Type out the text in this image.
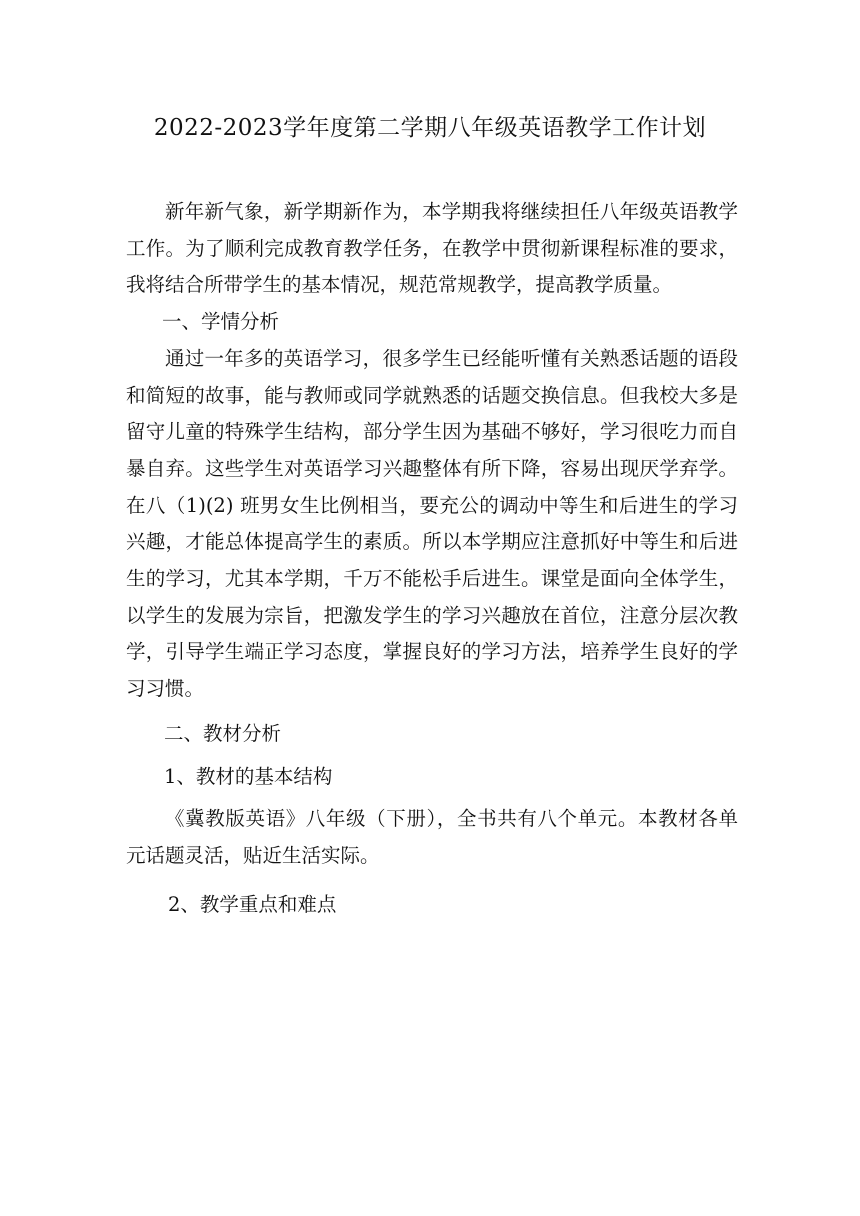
2022-2023学年度第二学期八年级英语教学工作计划

新年新气象，新学期新作为，本学期我将继续担任八年级英语教学工作。为了顺利完成教育教学任务，在教学中贯彻新课程标准的要求，我将结合所带学生的基本情况，规范常规教学，提高教学质量。

一、学情分析

通过一年多的英语学习，很多学生已经能听懂有关熟悉话题的语段和简短的故事，能与教师或同学就熟悉的话题交换信息。但我校大多是留守儿童的特殊学生结构，部分学生因为基础不够好，学习很吃力而自暴自弃。这些学生对英语学习兴趣整体有所下降，容易出现厌学弃学。在八（1)(2) 班男女生比例相当，要充公的调动中等生和后进生的学习兴趣，才能总体提高学生的素质。所以本学期应注意抓好中等生和后进生的学习，尤其本学期，千万不能松手后进生。课堂是面向全体学生，以学生的发展为宗旨，把激发学生的学习兴趣放在首位，注意分层次教学，引导学生端正学习态度，掌握良好的学习方法，培养学生良好的学习习惯。

二、教材分析

1、教材的基本结构

《冀教版英语》八年级（下册），全书共有八个单元。本教材各单元话题灵活，贴近生活实际。

2、教学重点和难点
